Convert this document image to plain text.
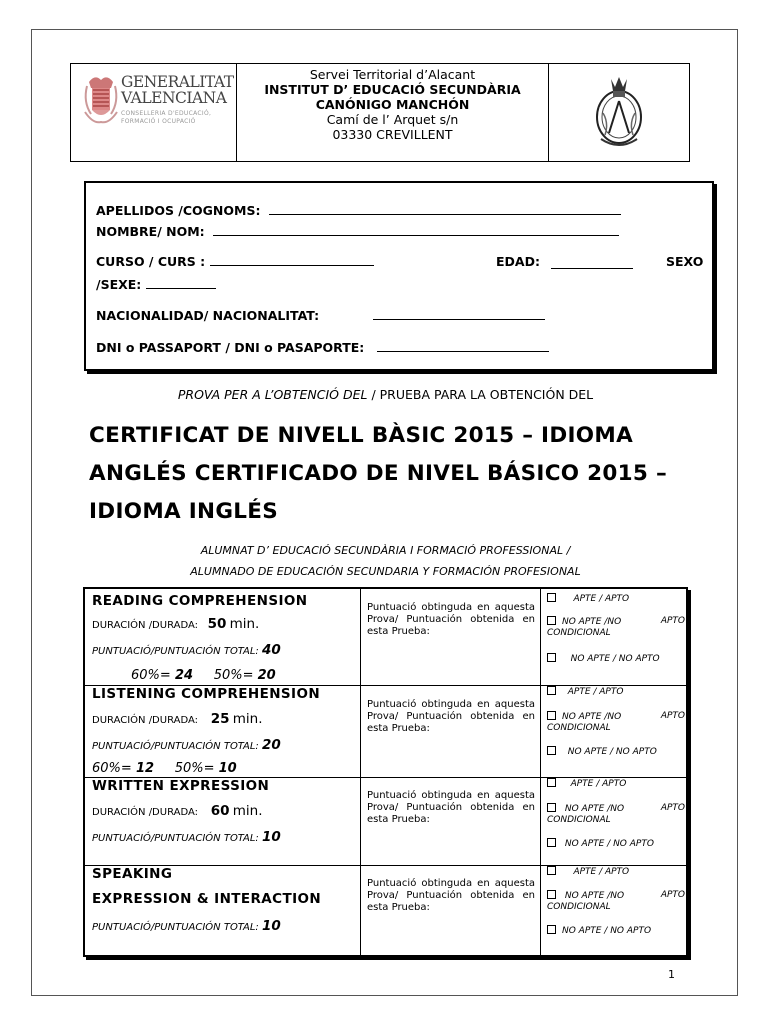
GENERALITAT
VALENCIANA
CONSELLERIA D'EDUCACIÓ,
FORMACIÓ I OCUPACIÓ
Servei Territorial d’Alacant
INSTITUT D’ EDUCACIÓ SECUNDÀRIA
CANÓNIGO MANCHÓN
Camí de l’ Arquet s/n
03330 CREVILLENT
APELLIDOS /COGNOMS:
NOMBRE/ NOM:
CURSO / CURS :	EDAD:	SEXO
/SEXE:
NACIONALIDAD/ NACIONALITAT:
DNI o PASSAPORT / DNI o PASAPORTE:
PROVA PER A L’OBTENCIÓ DEL / PRUEBA PARA LA OBTENCIÓN DEL
CERTIFICAT DE NIVELL BÀSIC 2015 – IDIOMA
ANGLÉS CERTIFICADO DE NIVEL BÁSICO 2015 –
IDIOMA INGLÉS
ALUMNAT D’ EDUCACIÓ SECUNDÀRIA I FORMACIÓ PROFESSIONAL /
ALUMNADO DE EDUCACIÓN SECUNDARIA Y FORMACIÓN PROFESIONAL
READING COMPREHENSION
DURACIÓN /DURADA: 50 min.
PUNTUACIÓ/PUNTUACIÓN TOTAL: 40
60%= 24 50%= 20
Puntuació obtinguda en aquesta Prova/ Puntuación obtenida en esta Prueba:
APTE / APTO
NO APTE /NO	APTO
CONDICIONAL
NO APTE / NO APTO
LISTENING COMPREHENSION
DURACIÓN /DURADA: 25 min.
PUNTUACIÓ/PUNTUACIÓN TOTAL: 20
60%= 12 50%= 10
Puntuació obtinguda en aquesta Prova/ Puntuación obtenida en esta Prueba:
APTE / APTO
NO APTE /NO	APTO
CONDICIONAL
NO APTE / NO APTO
WRITTEN EXPRESSION
DURACIÓN /DURADA: 60 min.
PUNTUACIÓ/PUNTUACIÓN TOTAL: 10
Puntuació obtinguda en aquesta Prova/ Puntuación obtenida en esta Prueba:
APTE / APTO
NO APTE /NO	APTO
CONDICIONAL
NO APTE / NO APTO
SPEAKING
EXPRESSION & INTERACTION
PUNTUACIÓ/PUNTUACIÓN TOTAL: 10
Puntuació obtinguda en aquesta Prova/ Puntuación obtenida en esta Prueba:
APTE / APTO
NO APTE /NO	APTO
CONDICIONAL
NO APTE / NO APTO
1
